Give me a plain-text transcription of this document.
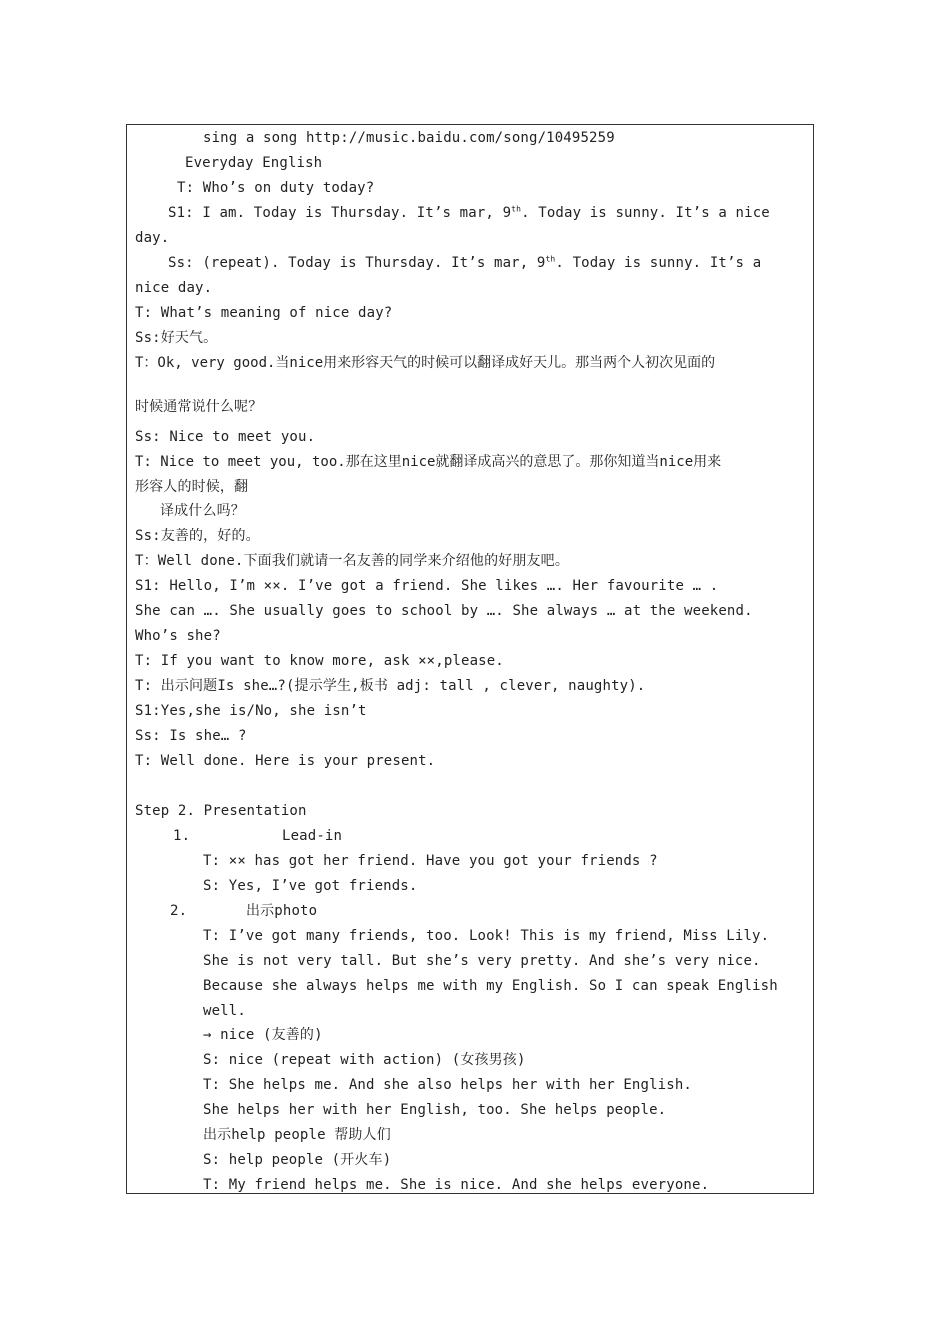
sing a song http://music.baidu.com/song/10495259
Everyday English
T: Who’s on duty today?
S1: I am. Today is Thursday. It’s mar, 9th. Today is sunny. It’s a nice
day.
Ss: (repeat). Today is Thursday. It’s mar, 9th. Today is sunny. It’s a
nice day.
T: What’s meaning of nice day?
Ss:好天气。
T：Ok, very good.当nice用来形容天气的时候可以翻译成好天儿。那当两个人初次见面的
时候通常说什么呢？
Ss: Nice to meet you.
T: Nice to meet you, too.那在这里nice就翻译成高兴的意思了。那你知道当nice用来
形容人的时候，翻
译成什么吗？
Ss:友善的，好的。
T：Well done.下面我们就请一名友善的同学来介绍他的好朋友吧。
S1: Hello, I’m ××. I’ve got a friend. She likes …. Her favourite … .
She can …. She usually goes to school by …. She always … at the weekend.
Who’s she?
T: If you want to know more, ask ××,please.
T: 出示问题Is she…?(提示学生,板书 adj: tall , clever, naughty).
S1:Yes,she is/No, she isn’t
Ss: Is she… ?
T: Well done. Here is your present.
Step 2. Presentation
1.	Lead-in
T: ×× has got her friend. Have you got your friends ?
S: Yes, I’ve got friends.
2.	出示photo
T: I’ve got many friends, too. Look! This is my friend, Miss Lily.
She is not very tall. But she’s very pretty. And she’s very nice.
Because she always helps me with my English. So I can speak English
well.
→ nice (友善的)
S: nice (repeat with action) (女孩男孩)
T: She helps me. And she also helps her with her English.
She helps her with her English, too. She helps people.
出示help people 帮助人们
S: help people (开火车)
T: My friend helps me. She is nice. And she helps everyone.
